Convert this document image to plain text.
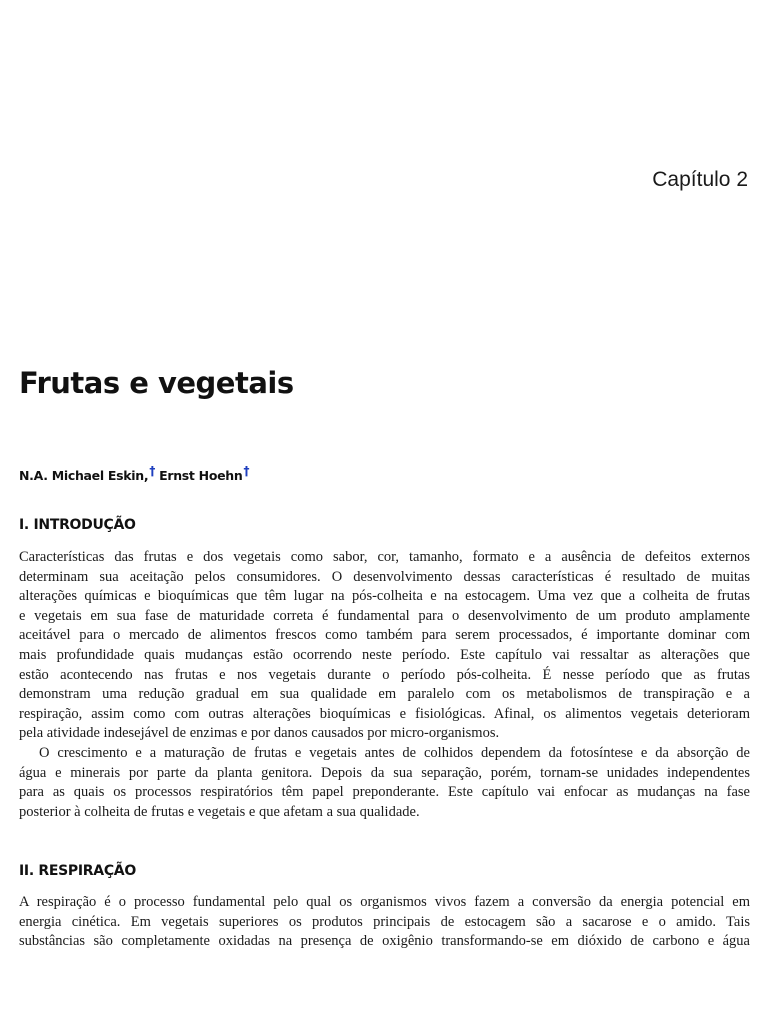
Capítulo 2

Frutas e vegetais

N.A. Michael Eskin,† Ernst Hoehn†

I. INTRODUÇÃO
Características das frutas e dos vegetais como sabor, cor, tamanho, formato e a ausência de defeitos externos
determinam sua aceitação pelos consumidores. O desenvolvimento dessas características é resultado de muitas
alterações químicas e bioquímicas que têm lugar na pós-colheita e na estocagem. Uma vez que a colheita de frutas
e vegetais em sua fase de maturidade correta é fundamental para o desenvolvimento de um produto amplamente
aceitável para o mercado de alimentos frescos como também para serem processados, é importante dominar com
mais profundidade quais mudanças estão ocorrendo neste período. Este capítulo vai ressaltar as alterações que
estão acontecendo nas frutas e nos vegetais durante o período pós-colheita. É nesse período que as frutas
demonstram uma redução gradual em sua qualidade em paralelo com os metabolismos de transpiração e a
respiração, assim como com outras alterações bioquímicas e fisiológicas. Afinal, os alimentos vegetais deterioram
pela atividade indesejável de enzimas e por danos causados por micro-organismos.
O crescimento e a maturação de frutas e vegetais antes de colhidos dependem da fotosíntese e da absorção de
água e minerais por parte da planta genitora. Depois da sua separação, porém, tornam-se unidades independentes
para as quais os processos respiratórios têm papel preponderante. Este capítulo vai enfocar as mudanças na fase
posterior à colheita de frutas e vegetais e que afetam a sua qualidade.
II. RESPIRAÇÃO
A respiração é o processo fundamental pelo qual os organismos vivos fazem a conversão da energia potencial em
energia cinética. Em vegetais superiores os produtos principais de estocagem são a sacarose e o amido. Tais
substâncias são completamente oxidadas na presença de oxigênio transformando-se em dióxido de carbono e água
